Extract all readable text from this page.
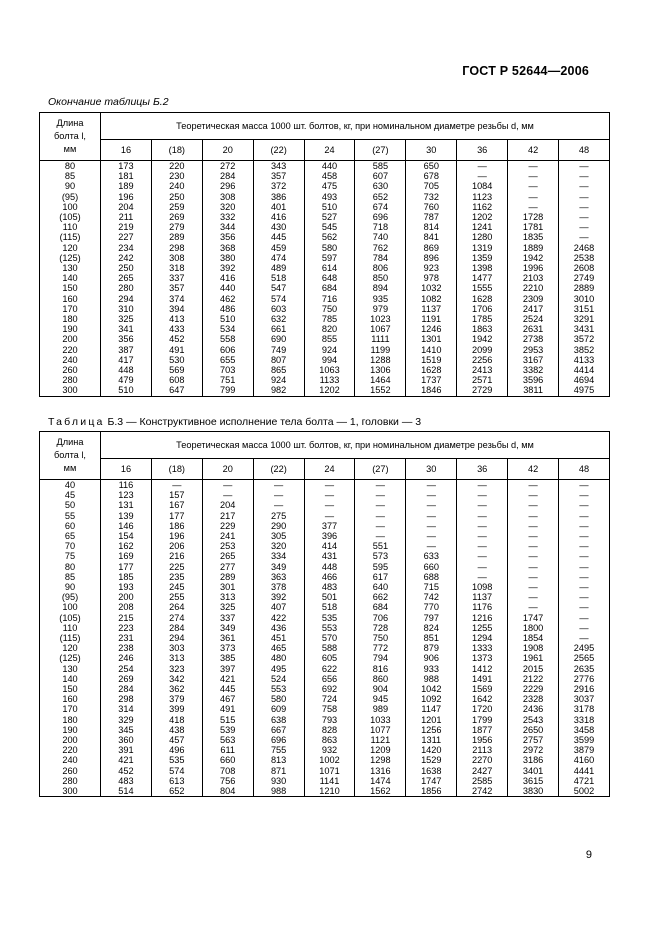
ГОСТ Р 52644—2006
Окончание таблицы Б.2
Длина
болта l,
мм	Теоретическая масса 1000 шт. болтов, кг, при номинальном диаметре резьбы d, мм									
	16	(18)	20	(22)	24	(27)	30	36	42	48
80	173	220	272	343	440	585	650	—	—	—
85	181	230	284	357	458	607	678	—	—	—
90	189	240	296	372	475	630	705	1084	—	—
(95)	196	250	308	386	493	652	732	1123	—	—
100	204	259	320	401	510	674	760	1162	—	—
(105)	211	269	332	416	527	696	787	1202	1728	—
110	219	279	344	430	545	718	814	1241	1781	—
(115)	227	289	356	445	562	740	841	1280	1835	—
120	234	298	368	459	580	762	869	1319	1889	2468
(125)	242	308	380	474	597	784	896	1359	1942	2538
130	250	318	392	489	614	806	923	1398	1996	2608
140	265	337	416	518	648	850	978	1477	2103	2749
150	280	357	440	547	684	894	1032	1555	2210	2889
160	294	374	462	574	716	935	1082	1628	2309	3010
170	310	394	486	603	750	979	1137	1706	2417	3151
180	325	413	510	632	785	1023	1191	1785	2524	3291
190	341	433	534	661	820	1067	1246	1863	2631	3431
200	356	452	558	690	855	1111	1301	1942	2738	3572
220	387	491	606	749	924	1199	1410	2099	2953	3852
240	417	530	655	807	994	1288	1519	2256	3167	4133
260	448	569	703	865	1063	1306	1628	2413	3382	4414
280	479	608	751	924	1133	1464	1737	2571	3596	4694
300	510	647	799	982	1202	1552	1846	2729	3811	4975
Таблица Б.3 — Конструктивное исполнение тела болта — 1, головки — 3
Длина
болта l,
мм	Теоретическая масса 1000 шт. болтов, кг, при номинальном диаметре резьбы d, мм									
	16	(18)	20	(22)	24	(27)	30	36	42	48
40	116	—	—	—	—	—	—	—	—	—
45	123	157	—	—	—	—	—	—	—	—
50	131	167	204	—	—	—	—	—	—	—
55	139	177	217	275	—	—	—	—	—	—
60	146	186	229	290	377	—	—	—	—	—
65	154	196	241	305	396	—	—	—	—	—
70	162	206	253	320	414	551	—	—	—	—
75	169	216	265	334	431	573	633	—	—	—
80	177	225	277	349	448	595	660	—	—	—
85	185	235	289	363	466	617	688	—	—	—
90	193	245	301	378	483	640	715	1098	—	—
(95)	200	255	313	392	501	662	742	1137	—	—
100	208	264	325	407	518	684	770	1176	—	—
(105)	215	274	337	422	535	706	797	1216	1747	—
110	223	284	349	436	553	728	824	1255	1800	—
(115)	231	294	361	451	570	750	851	1294	1854	—
120	238	303	373	465	588	772	879	1333	1908	2495
(125)	246	313	385	480	605	794	906	1373	1961	2565
130	254	323	397	495	622	816	933	1412	2015	2635
140	269	342	421	524	656	860	988	1491	2122	2776
150	284	362	445	553	692	904	1042	1569	2229	2916
160	298	379	467	580	724	945	1092	1642	2328	3037
170	314	399	491	609	758	989	1147	1720	2436	3178
180	329	418	515	638	793	1033	1201	1799	2543	3318
190	345	438	539	667	828	1077	1256	1877	2650	3458
200	360	457	563	696	863	1121	1311	1956	2757	3599
220	391	496	611	755	932	1209	1420	2113	2972	3879
240	421	535	660	813	1002	1298	1529	2270	3186	4160
260	452	574	708	871	1071	1316	1638	2427	3401	4441
280	483	613	756	930	1141	1474	1747	2585	3615	4721
300	514	652	804	988	1210	1562	1856	2742	3830	5002
9
